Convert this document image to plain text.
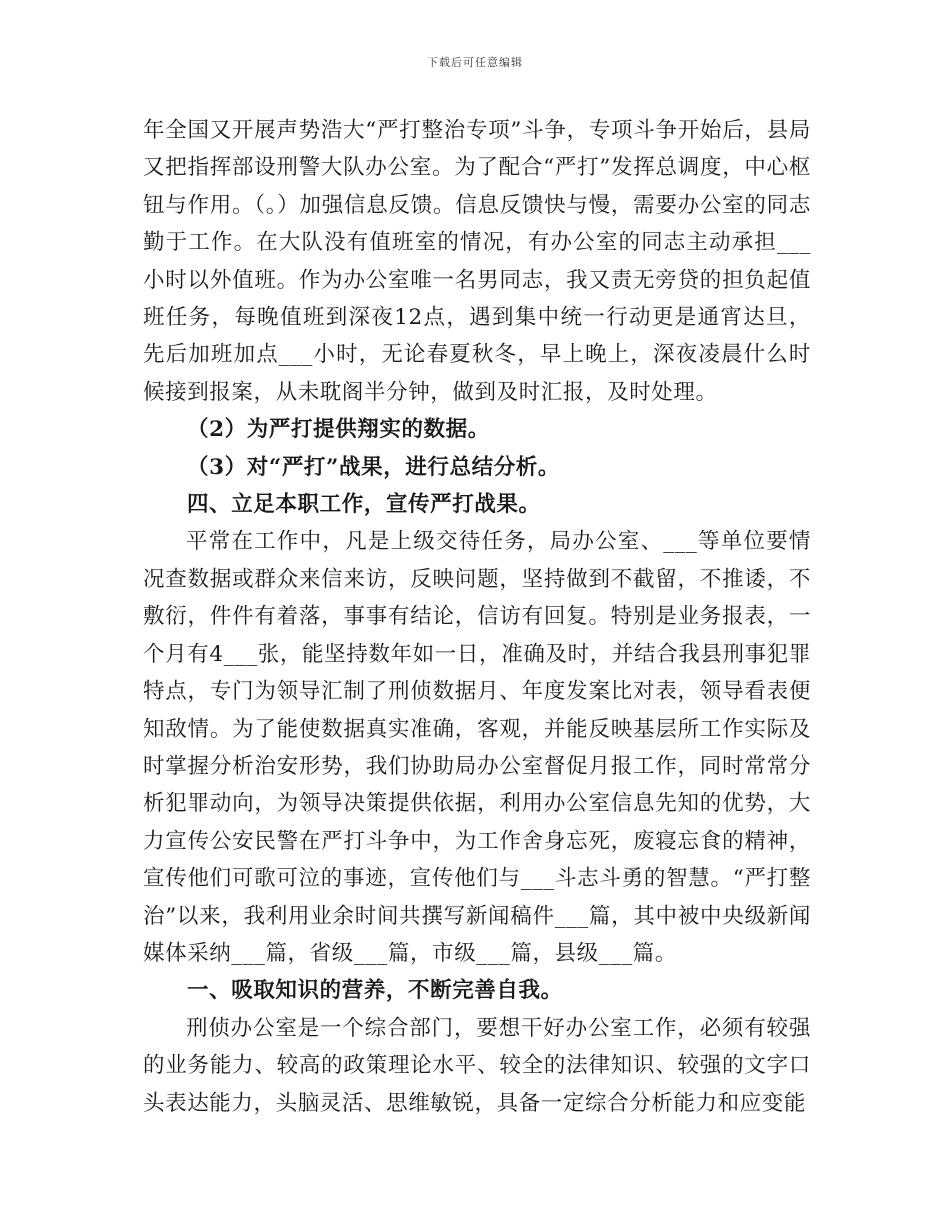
下载后可任意编辑

年全国又开展声势浩大“严打整治专项”斗争，专项斗争开始后，县局又把指挥部设刑警大队办公室。为了配合“严打”发挥总调度，中心枢钮与作用。（。）加强信息反馈。信息反馈快与慢，需要办公室的同志勤于工作。在大队没有值班室的情况，有办公室的同志主动承担___小时以外值班。作为办公室唯一名男同志，我又责无旁贷的担负起值班任务，每晚值班到深夜12点，遇到集中统一行动更是通宵达旦，先后加班加点___小时，无论春夏秋冬，早上晚上，深夜凌晨什么时候接到报案，从未耽阁半分钟，做到及时汇报，及时处理。

（2）为严打提供翔实的数据。

（3）对“严打”战果，进行总结分析。

四、立足本职工作，宣传严打战果。

平常在工作中，凡是上级交待任务，局办公室、___等单位要情况查数据或群众来信来访，反映问题，坚持做到不截留，不推诿，不敷衍，件件有着落，事事有结论，信访有回复。特别是业务报表，一个月有4___张，能坚持数年如一日，准确及时，并结合我县刑事犯罪特点，专门为领导汇制了刑侦数据月、年度发案比对表，领导看表便知敌情。为了能使数据真实准确，客观，并能反映基层所工作实际及时掌握分析治安形势，我们协助局办公室督促月报工作，同时常常分析犯罪动向，为领导决策提供依据，利用办公室信息先知的优势，大力宣传公安民警在严打斗争中，为工作舍身忘死，废寝忘食的精神，宣传他们可歌可泣的事迹，宣传他们与___斗志斗勇的智慧。“严打整治”以来，我利用业余时间共撰写新闻稿件___篇，其中被中央级新闻媒体采纳___篇，省级___篇，市级___篇，县级___篇。

一、吸取知识的营养，不断完善自我。

刑侦办公室是一个综合部门，要想干好办公室工作，必须有较强的业务能力、较高的政策理论水平、较全的法律知识、较强的文字口头表达能力，头脑灵活、思维敏锐，具备一定综合分析能力和应变能
